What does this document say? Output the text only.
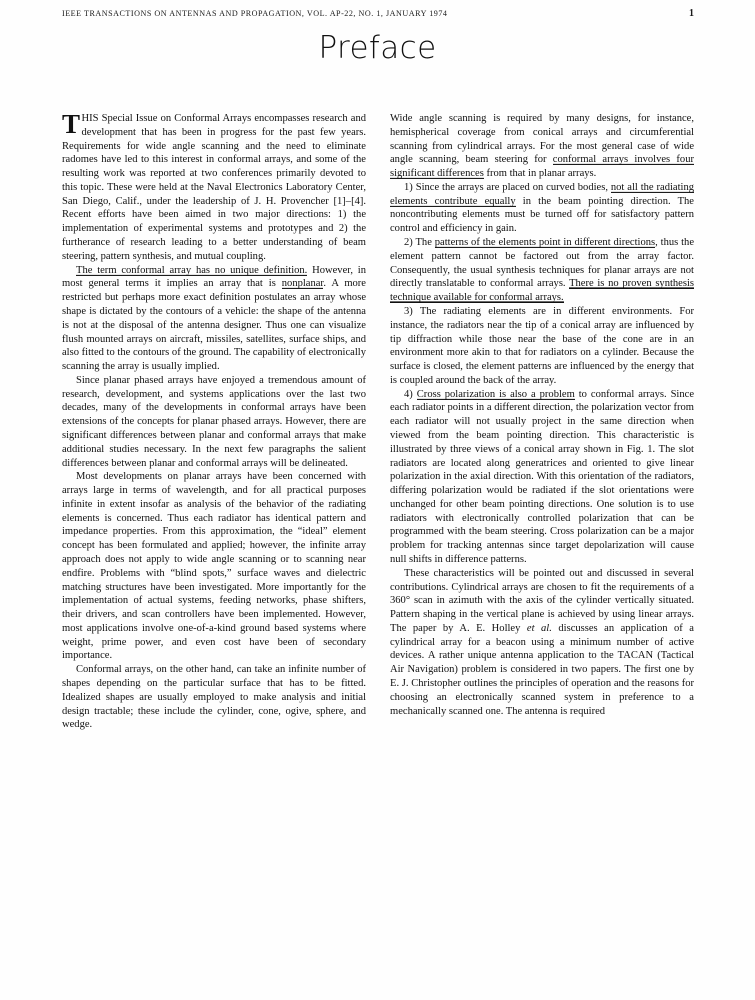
IEEE TRANSACTIONS ON ANTENNAS AND PROPAGATION, VOL. AP-22, NO. 1, JANUARY 1974	1
Preface

THIS Special Issue on Conformal Arrays encompasses research and development that has been in progress for the past few years. Requirements for wide angle scanning and the need to eliminate radomes have led to this interest in conformal arrays, and some of the resulting work was reported at two conferences primarily devoted to this topic. These were held at the Naval Electronics Laboratory Center, San Diego, Calif., under the leadership of J. H. Provencher [1]–[4]. Recent efforts have been aimed in two major directions: 1) the implementation of experimental systems and prototypes and 2) the furtherance of research leading to a better understanding of beam steering, pattern synthesis, and mutual coupling.

The term conformal array has no unique definition. However, in most general terms it implies an array that is nonplanar. A more restricted but perhaps more exact definition postulates an array whose shape is dictated by the contours of a vehicle: the shape of the antenna is not at the disposal of the antenna designer. Thus one can visualize flush mounted arrays on aircraft, missiles, satellites, surface ships, and also fitted to the contours of the ground. The capability of electronically scanning the array is usually implied.

Since planar phased arrays have enjoyed a tremendous amount of research, development, and systems applications over the last two decades, many of the developments in conformal arrays have been extensions of the concepts for planar phased arrays. However, there are significant differences between planar and conformal arrays that make additional studies necessary. In the next few paragraphs the salient differences between planar and conformal arrays will be delineated.

Most developments on planar arrays have been concerned with arrays large in terms of wavelength, and for all practical purposes infinite in extent insofar as analysis of the behavior of the radiating elements is concerned. Thus each radiator has identical pattern and impedance properties. From this approximation, the “ideal” element concept has been formulated and applied; however, the infinite array approach does not apply to wide angle scanning or to scanning near endfire. Problems with “blind spots,” surface waves and dielectric matching structures have been investigated. More importantly for the implementation of actual systems, feeding networks, phase shifters, their drivers, and scan controllers have been implemented. However, most applications involve one-of-a-kind ground based systems where weight, prime power, and even cost have been of secondary importance.

Conformal arrays, on the other hand, can take an infinite number of shapes depending on the particular surface that has to be fitted. Idealized shapes are usually employed to make analysis and initial design tractable; these include the cylinder, cone, ogive, sphere, and wedge.

Wide angle scanning is required by many designs, for instance, hemispherical coverage from conical arrays and circumferential scanning from cylindrical arrays. For the most general case of wide angle scanning, beam steering for conformal arrays involves four significant differences from that in planar arrays.

1) Since the arrays are placed on curved bodies, not all the radiating elements contribute equally in the beam pointing direction. The noncontributing elements must be turned off for satisfactory pattern control and efficiency in gain.

2) The patterns of the elements point in different directions, thus the element pattern cannot be factored out from the array factor. Consequently, the usual synthesis techniques for planar arrays are not directly translatable to conformal arrays. There is no proven synthesis technique available for conformal arrays.

3) The radiating elements are in different environments. For instance, the radiators near the tip of a conical array are influenced by tip diffraction while those near the base of the cone are in an environment more akin to that for radiators on a cylinder. Because the surface is closed, the element patterns are influenced by the energy that is coupled around the back of the array.

4) Cross polarization is also a problem to conformal arrays. Since each radiator points in a different direction, the polarization vector from each radiator will not usually project in the same direction when viewed from the beam pointing direction. This characteristic is illustrated by three views of a conical array shown in Fig. 1. The slot radiators are located along generatrices and oriented to give linear polarization in the axial direction. With this orientation of the radiators, differing polarization would be radiated if the slot orientations were unchanged for other beam pointing directions. One solution is to use radiators with electronically controlled polarization that can be programmed with the beam steering. Cross polarization can be a major problem for tracking antennas since target depolarization will cause null shifts in difference patterns.

These characteristics will be pointed out and discussed in several contributions. Cylindrical arrays are chosen to fit the requirements of a 360° scan in azimuth with the axis of the cylinder vertically situated. Pattern shaping in the vertical plane is achieved by using linear arrays. The paper by A. E. Holley et al. discusses an application of a cylindrical array for a beacon using a minimum number of active devices. A rather unique antenna application to the TACAN (Tactical Air Navigation) problem is considered in two papers. The first one by E. J. Christopher outlines the principles of operation and the reasons for choosing an electronically scanned system in preference to a mechanically scanned one. The antenna is required
